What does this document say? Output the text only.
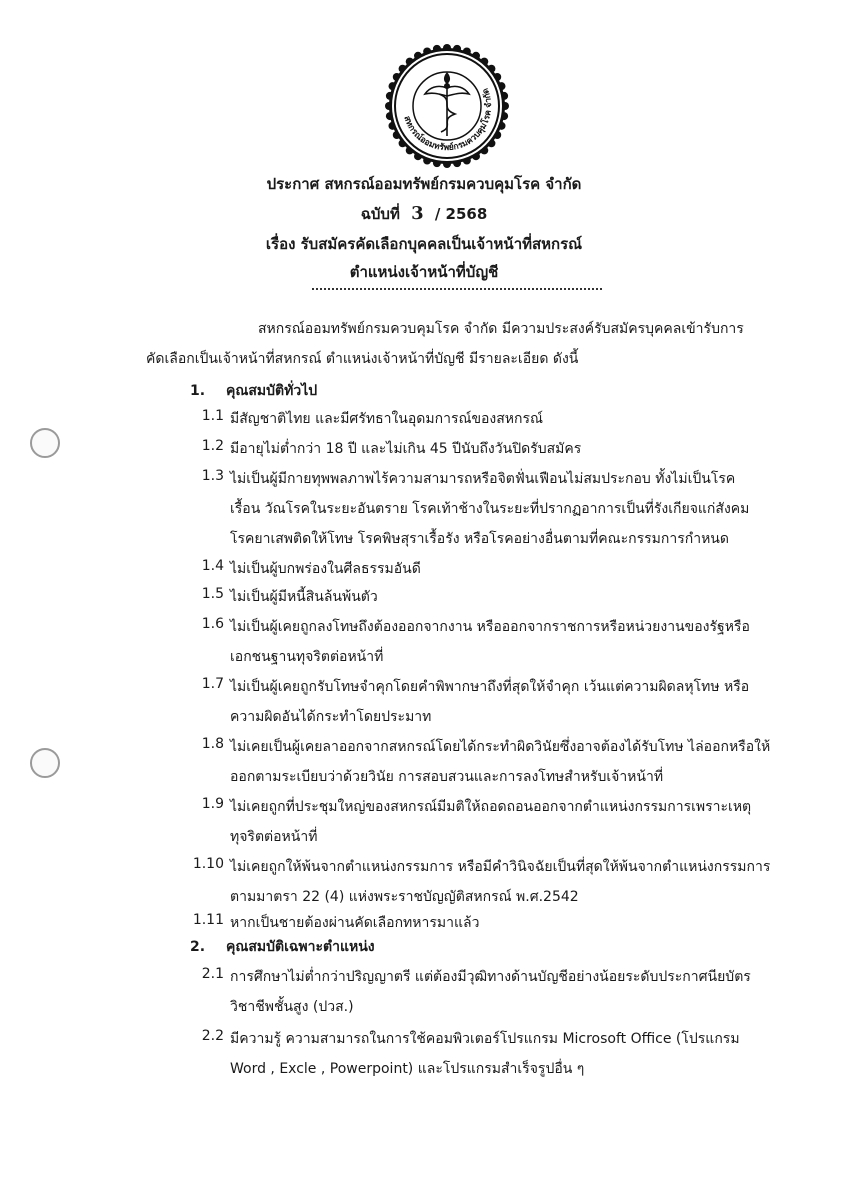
สหกรณ์ออมทรัพย์กรมควบคุมโรค จำกัด
ประกาศ สหกรณ์ออมทรัพย์กรมควบคุมโรค จำกัด
ฉบับที่ 3 / 2568
เรื่อง รับสมัครคัดเลือกบุคคลเป็นเจ้าหน้าที่สหกรณ์
ตำแหน่งเจ้าหน้าที่บัญชี
สหกรณ์ออมทรัพย์กรมควบคุมโรค จำกัด มีความประสงค์รับสมัครบุคคลเข้ารับการ
คัดเลือกเป็นเจ้าหน้าที่สหกรณ์ ตำแหน่งเจ้าหน้าที่บัญชี มีรายละเอียด ดังนี้
1. คุณสมบัติทั่วไป
1.1 มีสัญชาติไทย และมีศรัทธาในอุดมการณ์ของสหกรณ์
1.2 มีอายุไม่ต่ำกว่า 18 ปี และไม่เกิน 45 ปีนับถึงวันปิดรับสมัคร
1.3 ไม่เป็นผู้มีกายทุพพลภาพไร้ความสามารถหรือจิตฟั่นเฟือนไม่สมประกอบ ทั้งไม่เป็นโรค
เรื้อน วัณโรคในระยะอันตราย โรคเท้าช้างในระยะที่ปรากฏอาการเป็นที่รังเกียจแก่สังคม
โรคยาเสพติดให้โทษ โรคพิษสุราเรื้อรัง หรือโรคอย่างอื่นตามที่คณะกรรมการกำหนด
1.4 ไม่เป็นผู้บกพร่องในศีลธรรมอันดี
1.5 ไม่เป็นผู้มีหนี้สินล้นพ้นตัว
1.6 ไม่เป็นผู้เคยถูกลงโทษถึงต้องออกจากงาน หรือออกจากราชการหรือหน่วยงานของรัฐหรือ
เอกชนฐานทุจริตต่อหน้าที่
1.7 ไม่เป็นผู้เคยถูกรับโทษจำคุกโดยคำพิพากษาถึงที่สุดให้จำคุก เว้นแต่ความผิดลหุโทษ หรือ
ความผิดอันได้กระทำโดยประมาท
1.8 ไม่เคยเป็นผู้เคยลาออกจากสหกรณ์โดยได้กระทำผิดวินัยซึ่งอาจต้องได้รับโทษ ไล่ออกหรือให้
ออกตามระเบียบว่าด้วยวินัย การสอบสวนและการลงโทษสำหรับเจ้าหน้าที่
1.9 ไม่เคยถูกที่ประชุมใหญ่ของสหกรณ์มีมติให้ถอดถอนออกจากตำแหน่งกรรมการเพราะเหตุ
ทุจริตต่อหน้าที่
1.10 ไม่เคยถูกให้พ้นจากตำแหน่งกรรมการ หรือมีคำวินิจฉัยเป็นที่สุดให้พ้นจากตำแหน่งกรรมการ
ตามมาตรา 22 (4) แห่งพระราชบัญญัติสหกรณ์ พ.ศ.2542
1.11 หากเป็นชายต้องผ่านคัดเลือกทหารมาแล้ว
2. คุณสมบัติเฉพาะตำแหน่ง
2.1 การศึกษาไม่ต่ำกว่าปริญญาตรี แต่ต้องมีวุฒิทางด้านบัญชีอย่างน้อยระดับประกาศนียบัตร
วิชาชีพชั้นสูง (ปวส.)
2.2 มีความรู้ ความสามารถในการใช้คอมพิวเตอร์โปรแกรม Microsoft Office (โปรแกรม
Word , Excle , Powerpoint) และโปรแกรมสำเร็จรูปอื่น ๆ
